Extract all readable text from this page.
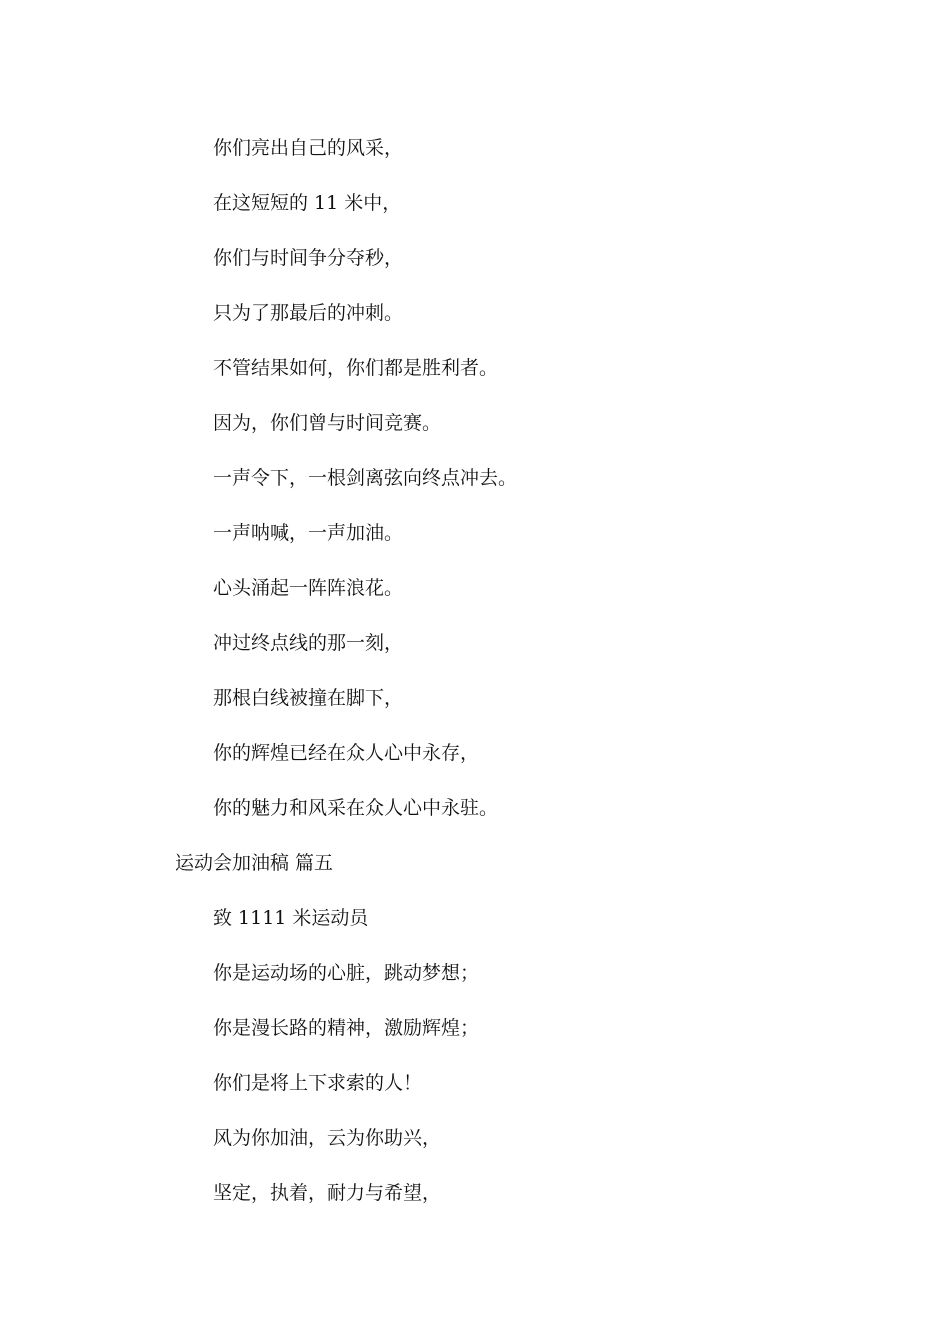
你们亮出自己的风采，
在这短短的 11 米中，
你们与时间争分夺秒，
只为了那最后的冲刺。
不管结果如何，你们都是胜利者。
因为，你们曾与时间竞赛。
一声令下，一根剑离弦向终点冲去。
一声呐喊，一声加油。
心头涌起一阵阵浪花。
冲过终点线的那一刻，
那根白线被撞在脚下，
你的辉煌已经在众人心中永存，
你的魅力和风采在众人心中永驻。
运动会加油稿 篇五
致 1111 米运动员
你是运动场的心脏，跳动梦想；
你是漫长路的精神，激励辉煌；
你们是将上下求索的人！
风为你加油，云为你助兴，
坚定，执着，耐力与希望，
